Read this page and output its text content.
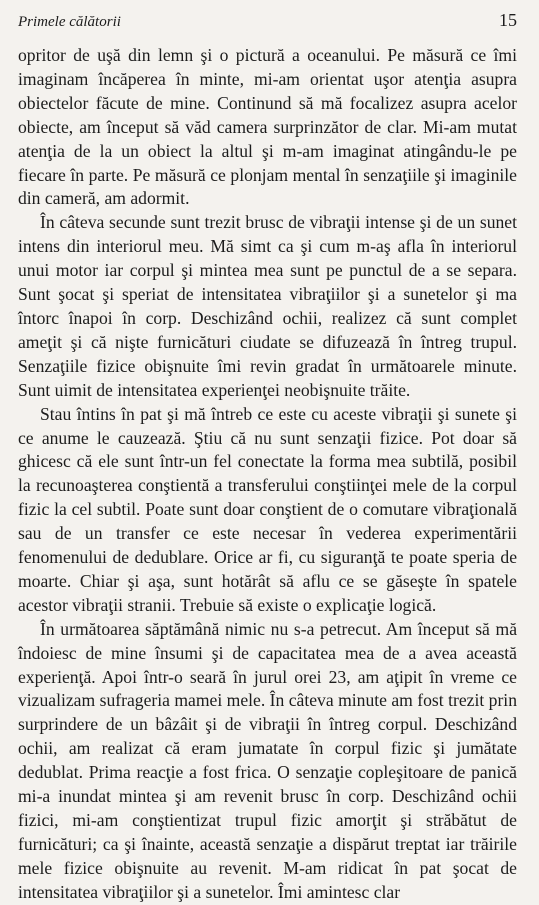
Primele călătorii	15

opritor de uşă din lemn şi o pictură a oceanului. Pe măsură ce îmi imaginam încăperea în minte, mi-am orientat uşor atenţia asupra obiectelor făcute de mine. Continund să mă focalizez asupra acelor obiecte, am început să văd camera surprinzător de clar. Mi-am mutat atenţia de la un obiect la altul şi m-am imaginat atingându-le pe fiecare în parte. Pe măsură ce plonjam mental în senzaţiile şi imaginile din cameră, am adormit.

În câteva secunde sunt trezit brusc de vibraţii intense şi de un sunet intens din interiorul meu. Mă simt ca şi cum m-aş afla în interiorul unui motor iar corpul şi mintea mea sunt pe punctul de a se separa. Sunt şocat şi speriat de intensitatea vibraţiilor şi a sunetelor şi ma întorc înapoi în corp. Deschizând ochii, realizez că sunt complet ameţit şi că nişte furnicături ciudate se difuzează în întreg trupul. Senzaţiile fizice obişnuite îmi revin gradat în următoarele minute. Sunt uimit de intensitatea experienţei neobişnuite trăite.

Stau întins în pat şi mă întreb ce este cu aceste vibraţii şi sunete şi ce anume le cauzează. Ştiu că nu sunt senzaţii fizice. Pot doar să ghicesc că ele sunt într-un fel conectate la forma mea subtilă, posibil la recunoaşterea conştientă a transferului conştiinţei mele de la corpul fizic la cel subtil. Poate sunt doar conştient de o comutare vibraţională sau de un transfer ce este necesar în vederea experimentării fenomenului de dedublare. Orice ar fi, cu siguranţă te poate speria de moarte. Chiar şi aşa, sunt hotărât să aflu ce se găseşte în spatele acestor vibraţii stranii. Trebuie să existe o explicaţie logică.

În următoarea săptămână nimic nu s-a petrecut. Am început să mă îndoiesc de mine însumi şi de capacitatea mea de a avea această experienţă. Apoi într-o seară în jurul orei 23, am aţipit în vreme ce vizualizam sufrageria mamei mele. În câteva minute am fost trezit prin surprindere de un bâzâit şi de vibraţii în întreg corpul. Deschizând ochii, am realizat că eram jumatate în corpul fizic şi jumătate dedublat. Prima reacţie a fost frica. O senzaţie copleşitoare de panică mi-a inundat mintea şi am revenit brusc în corp. Deschizând ochii fizici, mi-am conştientizat trupul fizic amorţit şi străbătut de furnicături; ca şi înainte, această senzaţie a dispărut treptat iar trăirile mele fizice obişnuite au revenit. M-am ridicat în pat şocat de intensitatea vibraţiilor şi a sunetelor. Îmi amintesc clar
